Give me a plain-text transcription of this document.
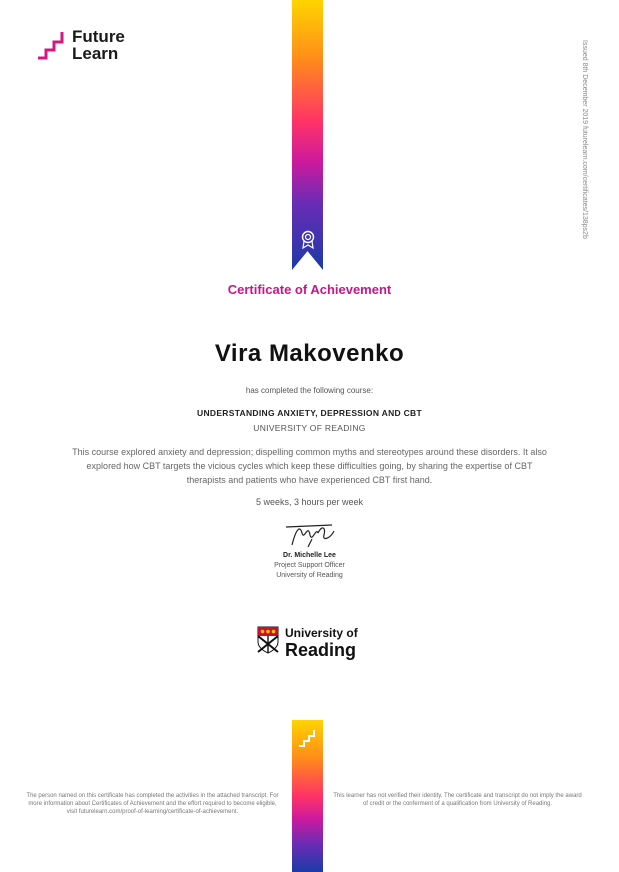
Future
Learn	Issued 8th December 2019 futurelearn.com/certificates/138ps2b
Certificate of Achievement
Vira Makovenko
has completed the following course:
UNDERSTANDING ANXIETY, DEPRESSION AND CBT
UNIVERSITY OF READING
This course explored anxiety and depression; dispelling common myths and stereotypes around these disorders. It also explored how CBT targets the vicious cycles which keep these difficulties going, by sharing the expertise of CBT therapists and patients who have experienced CBT first hand.
5 weeks, 3 hours per week
Dr. Michelle Lee
Project Support Officer
University of Reading
University of
Reading
The person named on this certificate has completed the activities in the attached transcript. For more information about Certificates of Achievement and the effort required to become eligible, visit futurelearn.com/proof-of-learning/certificate-of-achievement.
This learner has not verified their identity. The certificate and transcript do not imply the award of credit or the conferment of a qualification from University of Reading.
